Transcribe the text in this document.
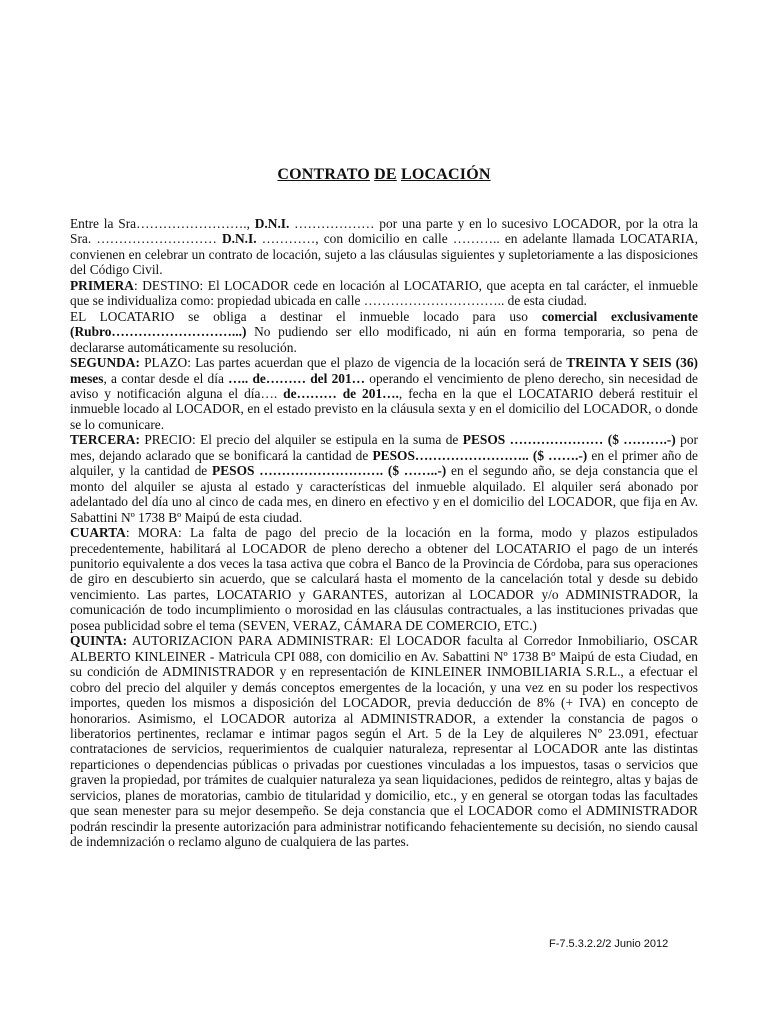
CONTRATO DE LOCACIÓN

Entre la Sra……………………., D.N.I. ……………… por una parte y en lo sucesivo LOCADOR, por la otra la Sra. ……………………… D.N.I. …………, con domicilio en calle ……….. en adelante llamada LOCATARIA, convienen en celebrar un contrato de locación, sujeto a las cláusulas siguientes y supletoriamente a las disposiciones del Código Civil.

PRIMERA: DESTINO: El LOCADOR cede en locación al LOCATARIO, que acepta en tal carácter, el inmueble que se individualiza como: propiedad ubicada en calle ………………………….. de esta ciudad.

EL LOCATARIO se obliga a destinar el inmueble locado para uso comercial exclusivamente (Rubro………………………...) No pudiendo ser ello modificado, ni aún en forma temporaria, so pena de declararse automáticamente su resolución.

SEGUNDA: PLAZO: Las partes acuerdan que el plazo de vigencia de la locación será de TREINTA Y SEIS (36) meses, a contar desde el día ….. de……… del 201… operando el vencimiento de pleno derecho, sin necesidad de aviso y notificación alguna el día…. de……… de 201…., fecha en la que el LOCATARIO deberá restituir el inmueble locado al LOCADOR, en el estado previsto en la cláusula sexta y en el domicilio del LOCADOR, o donde se lo comunicare.

TERCERA: PRECIO: El precio del alquiler se estipula en la suma de PESOS ………………… ($ ……….-) por mes, dejando aclarado que se bonificará la cantidad de PESOS…………………….. ($ …….-) en el primer año de alquiler, y la cantidad de PESOS ………………………. ($ ……..-) en el segundo año, se deja constancia que el monto del alquiler se ajusta al estado y características del inmueble alquilado. El alquiler será abonado por adelantado del día uno al cinco de cada mes, en dinero en efectivo y en el domicilio del LOCADOR, que fija en Av. Sabattini Nº 1738 Bº Maipú de esta ciudad.

CUARTA: MORA: La falta de pago del precio de la locación en la forma, modo y plazos estipulados precedentemente, habilitará al LOCADOR de pleno derecho a obtener del LOCATARIO el pago de un interés punitorio equivalente a dos veces la tasa activa que cobra el Banco de la Provincia de Córdoba, para sus operaciones de giro en descubierto sin acuerdo, que se calculará hasta el momento de la cancelación total y desde su debido vencimiento. Las partes, LOCATARIO y GARANTES, autorizan al LOCADOR y/o ADMINISTRADOR, la comunicación de todo incumplimiento o morosidad en las cláusulas contractuales, a las instituciones privadas que posea publicidad sobre el tema (SEVEN, VERAZ, CÁMARA DE COMERCIO, ETC.)

QUINTA: AUTORIZACION PARA ADMINISTRAR: El LOCADOR faculta al Corredor Inmobiliario, OSCAR ALBERTO KINLEINER - Matricula CPI 088, con domicilio en Av. Sabattini Nº 1738 Bº Maipú de esta Ciudad, en su condición de ADMINISTRADOR y en representación de KINLEINER INMOBILIARIA S.R.L., a efectuar el cobro del precio del alquiler y demás conceptos emergentes de la locación, y una vez en su poder los respectivos importes, queden los mismos a disposición del LOCADOR, previa deducción de 8% (+ IVA) en concepto de honorarios. Asimismo, el LOCADOR autoriza al ADMINISTRADOR, a extender la constancia de pagos o liberatorios pertinentes, reclamar e intimar pagos según el Art. 5 de la Ley de alquileres Nº 23.091, efectuar contrataciones de servicios, requerimientos de cualquier naturaleza, representar al LOCADOR ante las distintas reparticiones o dependencias públicas o privadas por cuestiones vinculadas a los impuestos, tasas o servicios que graven la propiedad, por trámites de cualquier naturaleza ya sean liquidaciones, pedidos de reintegro, altas y bajas de servicios, planes de moratorias, cambio de titularidad y domicilio, etc., y en general se otorgan todas las facultades que sean menester para su mejor desempeño. Se deja constancia que el LOCADOR como el ADMINISTRADOR podrán rescindir la presente autorización para administrar notificando fehacientemente su decisión, no siendo causal de indemnización o reclamo alguno de cualquiera de las partes.

F-7.5.3.2.2/2 Junio 2012
